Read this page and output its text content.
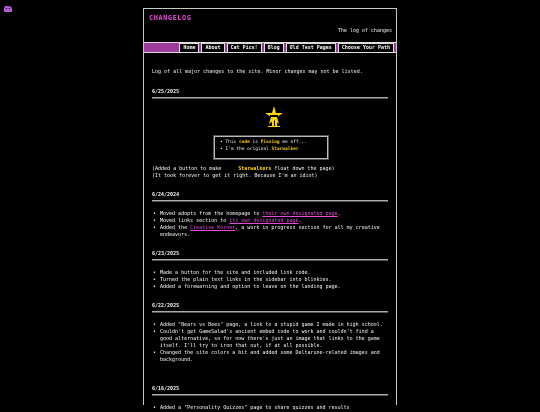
CHANGELOG
The log of changes
Home	About	Cat Pics!	Blog	Old Test Pages	Choose Your Path

Log of all major changes to the site. Minor changes may not be listed.

6/25/2025
• This code is Pissing me off...
• I'm the original Starwalker
(Added a button to make	Starwalkers float down the page)
(It took forever to get it right. Because I'm an idiot)
6/24/2024
• Moved adopts from the homepage to their own designated page.
• Moved links section to its own designated page.
• Added the Creative Korner, a work in progress section for all my creative endeavors.
6/23/2025
• Made a button for the site and included link code.
• Turned the plain text links in the sidebar into blinkies.
• Added a forewarning and option to leave on the landing page.
6/22/2025
• Added "Bears vs Bees" page, a link to a stupid game I made in high school.
• Couldn't get GameSalad's ancient embed code to work and couldn't find a good alternative, so for now there's just an image that links to the game itself. I'll try to iron that out, if at all possible.
• Changed the site colors a bit and added some Deltarune-related images and background.
6/16/2025
• Added a "Personality Quizzes" page to share quizzes and results
